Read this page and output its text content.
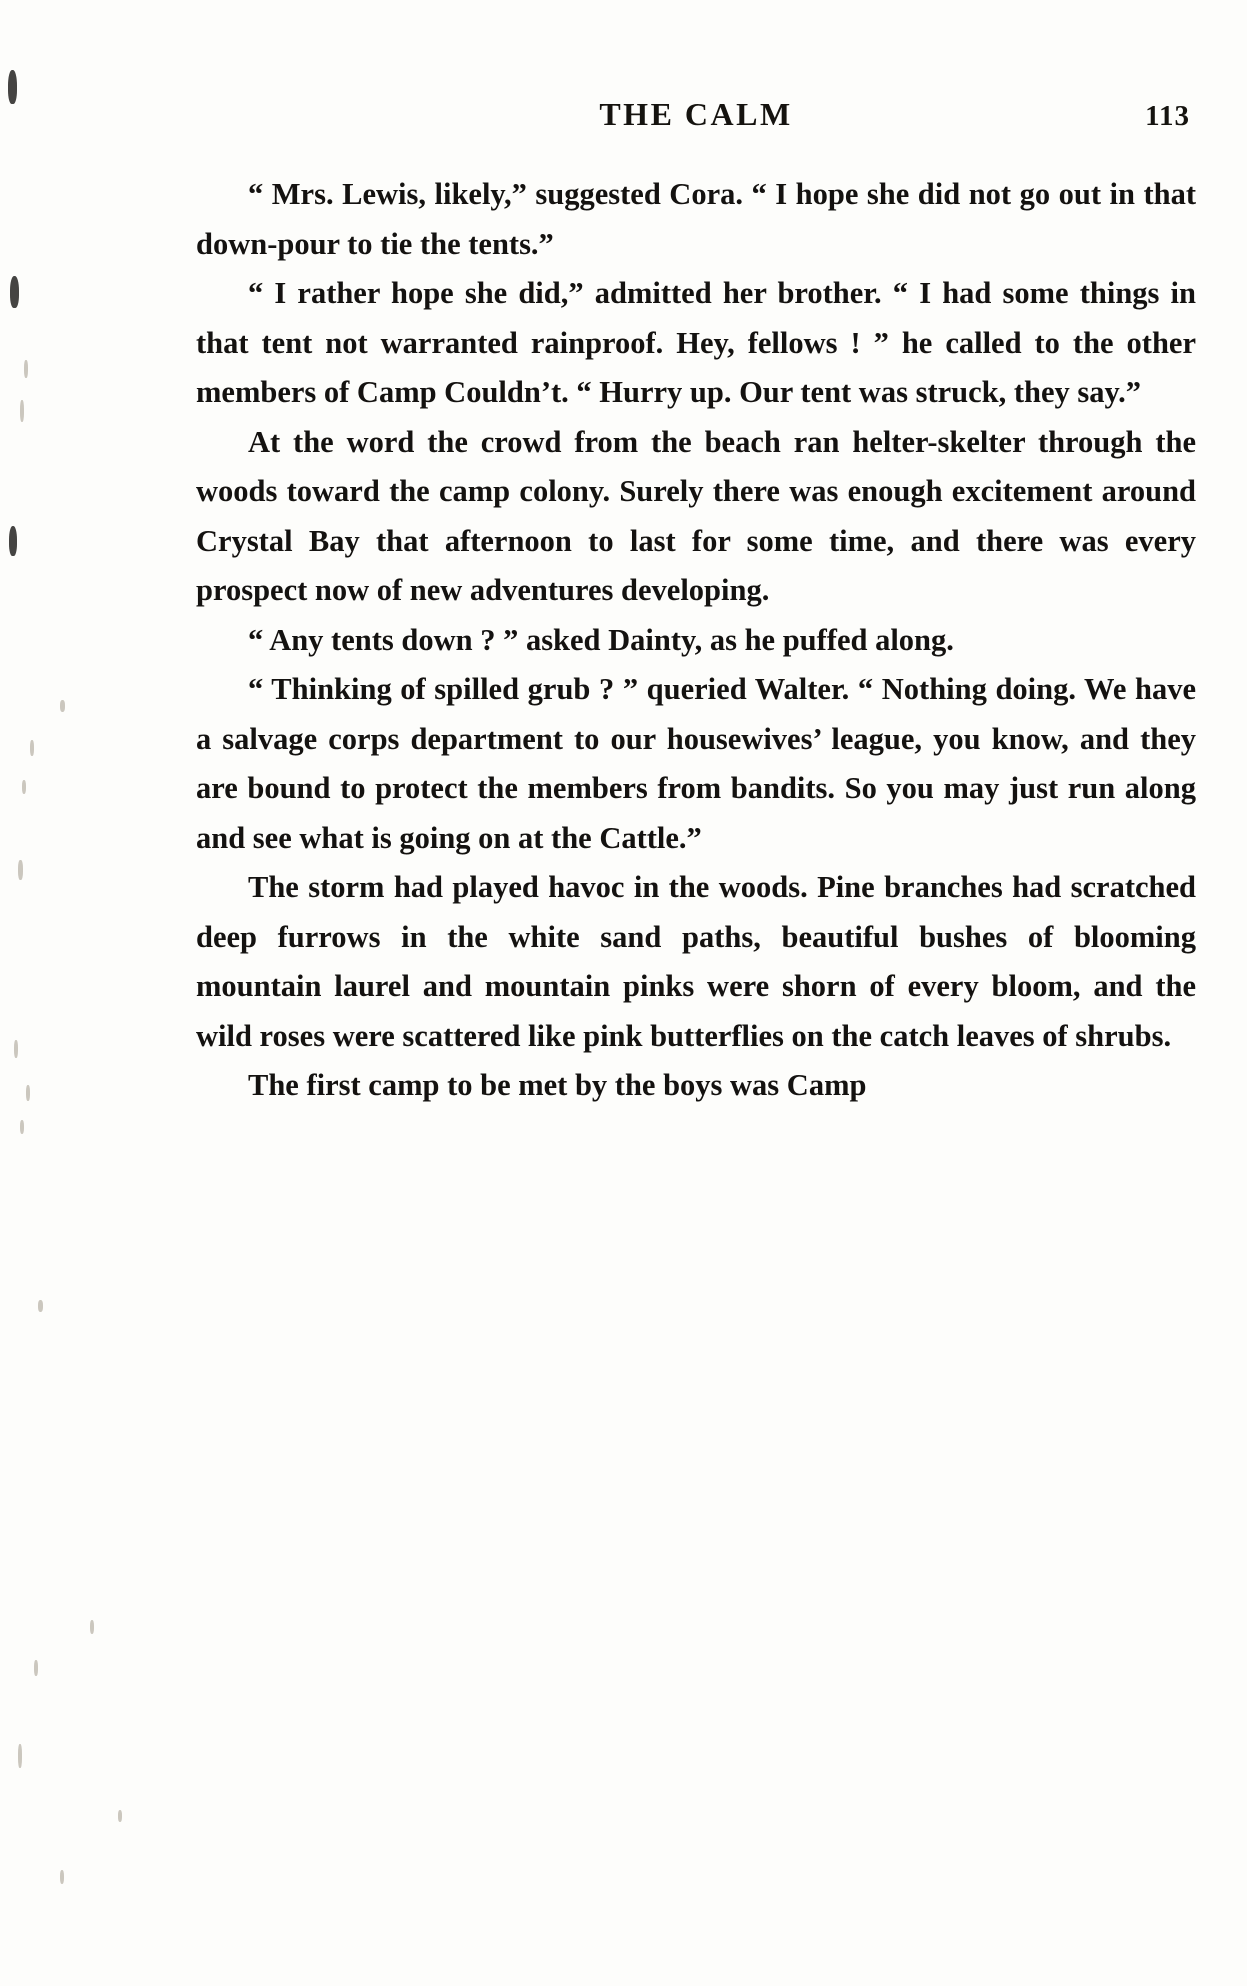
THE CALM	113

“ Mrs. Lewis, likely,” suggested Cora. “ I hope she did not go out in that down-pour to tie the tents.”

“ I rather hope she did,” admitted her brother. “ I had some things in that tent not warranted rainproof. Hey, fellows ! ” he called to the other members of Camp Couldn’t. “ Hurry up. Our tent was struck, they say.”

At the word the crowd from the beach ran helter-skelter through the woods toward the camp colony. Surely there was enough excitement around Crystal Bay that afternoon to last for some time, and there was every prospect now of new adventures developing.

“ Any tents down ? ” asked Dainty, as he puffed along.

“ Thinking of spilled grub ? ” queried Walter. “ Nothing doing. We have a salvage corps department to our housewives’ league, you know, and they are bound to protect the members from bandits. So you may just run along and see what is going on at the Cattle.”

The storm had played havoc in the woods. Pine branches had scratched deep furrows in the white sand paths, beautiful bushes of blooming mountain laurel and mountain pinks were shorn of every bloom, and the wild roses were scattered like pink butterflies on the catch leaves of shrubs.

The first camp to be met by the boys was Camp
